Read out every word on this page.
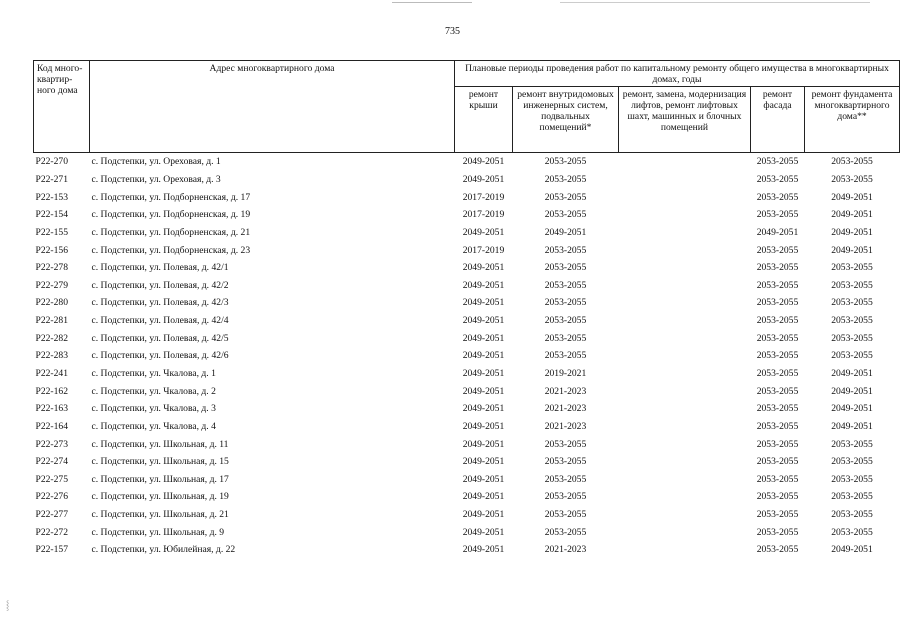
735
Код много-квартир-ного дома	Адрес многоквартирного дома	Плановые периоды проведения работ по капитальному ремонту общего имущества в многоквартирных домах, годы				
		ремонт крыши	ремонт внутридомовых инженерных систем, подвальных помещений*	ремонт, замена, модернизация лифтов, ремонт лифтовых шахт, машинных и блочных помещений	ремонт фасада	ремонт фундамента многоквартирного дома**
Р22-270	с. Подстепки, ул. Ореховая, д. 1	2049-2051	2053-2055		2053-2055	2053-2055
Р22-271	с. Подстепки, ул. Ореховая, д. 3	2049-2051	2053-2055		2053-2055	2053-2055
Р22-153	с. Подстепки, ул. Подборненская, д. 17	2017-2019	2053-2055		2053-2055	2049-2051
Р22-154	с. Подстепки, ул. Подборненская, д. 19	2017-2019	2053-2055		2053-2055	2049-2051
Р22-155	с. Подстепки, ул. Подборненская, д. 21	2049-2051	2049-2051		2049-2051	2049-2051
Р22-156	с. Подстепки, ул. Подборненская, д. 23	2017-2019	2053-2055		2053-2055	2049-2051
Р22-278	с. Подстепки, ул. Полевая, д. 42/1	2049-2051	2053-2055		2053-2055	2053-2055
Р22-279	с. Подстепки, ул. Полевая, д. 42/2	2049-2051	2053-2055		2053-2055	2053-2055
Р22-280	с. Подстепки, ул. Полевая, д. 42/3	2049-2051	2053-2055		2053-2055	2053-2055
Р22-281	с. Подстепки, ул. Полевая, д. 42/4	2049-2051	2053-2055		2053-2055	2053-2055
Р22-282	с. Подстепки, ул. Полевая, д. 42/5	2049-2051	2053-2055		2053-2055	2053-2055
Р22-283	с. Подстепки, ул. Полевая, д. 42/6	2049-2051	2053-2055		2053-2055	2053-2055
Р22-241	с. Подстепки, ул. Чкалова, д. 1	2049-2051	2019-2021		2053-2055	2049-2051
Р22-162	с. Подстепки, ул. Чкалова, д. 2	2049-2051	2021-2023		2053-2055	2049-2051
Р22-163	с. Подстепки, ул. Чкалова, д. 3	2049-2051	2021-2023		2053-2055	2049-2051
Р22-164	с. Подстепки, ул. Чкалова, д. 4	2049-2051	2021-2023		2053-2055	2049-2051
Р22-273	с. Подстепки, ул. Школьная, д. 11	2049-2051	2053-2055		2053-2055	2053-2055
Р22-274	с. Подстепки, ул. Школьная, д. 15	2049-2051	2053-2055		2053-2055	2053-2055
Р22-275	с. Подстепки, ул. Школьная, д. 17	2049-2051	2053-2055		2053-2055	2053-2055
Р22-276	с. Подстепки, ул. Школьная, д. 19	2049-2051	2053-2055		2053-2055	2053-2055
Р22-277	с. Подстепки, ул. Школьная, д. 21	2049-2051	2053-2055		2053-2055	2053-2055
Р22-272	с. Подстепки, ул. Школьная, д. 9	2049-2051	2053-2055		2053-2055	2053-2055
Р22-157	с. Подстепки, ул. Юбилейная, д. 22	2049-2051	2021-2023		2053-2055	2049-2051
⸾
